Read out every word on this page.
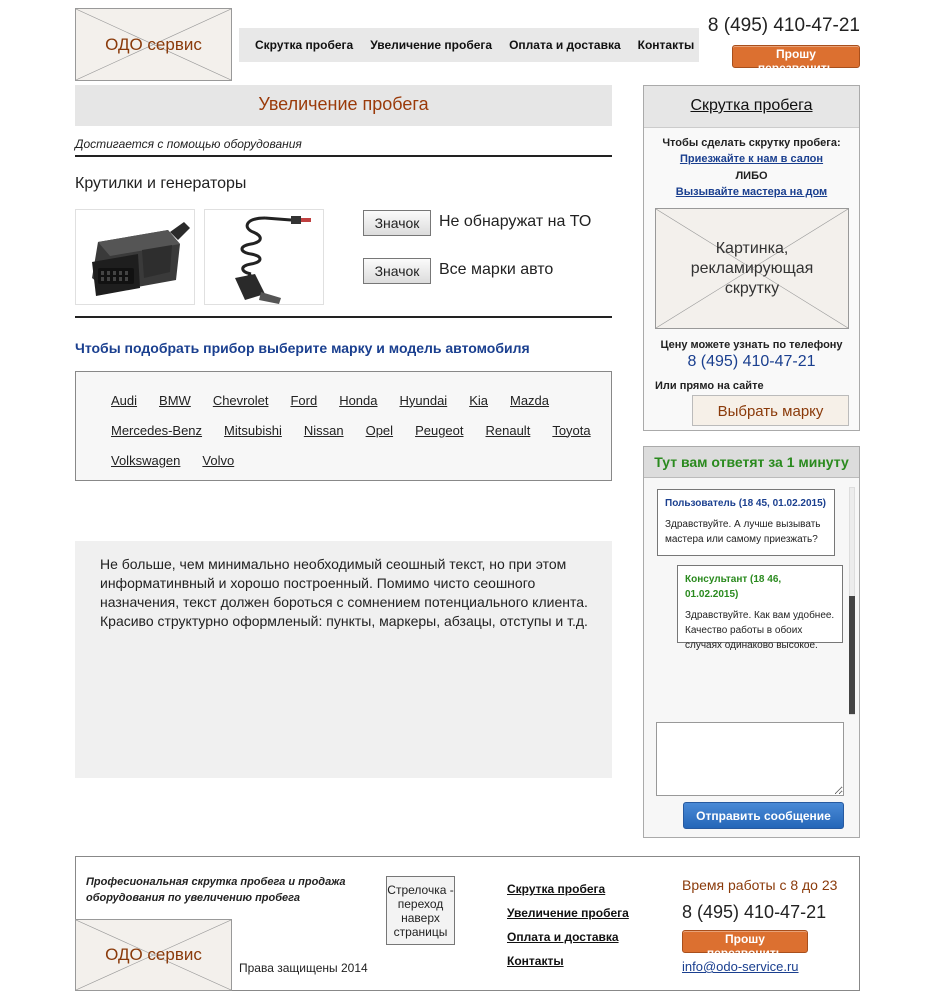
ОДО сервис	Скрутка пробега Увеличение пробега Оплата и доставка Контакты
8 (495) 410-47-21
Прошу перезвонить
Увеличение пробега
Достигается с помощью оборудования
Крутилки и генераторы
Значок	Не обнаружат на ТО
Значок	Все марки авто
Чтобы подобрать прибор выберите марку и модель автомобиля
Audi BMW Chevrolet Ford Honda Hyundai Kia Mazda
Mercedes-Benz Mitsubishi Nissan Opel Peugeot Renault Toyota
Volkswagen Volvo
Не больше, чем минимально необходимый сеошный текст, но при этом информатинвный и хорошо построенный. Помимо чисто сеошного назначения, текст должен бороться с сомнением потенциального клиента. Красиво структурно оформленый: пункты, маркеры, абзацы, отступы и т.д.
Скрутка пробега
Чтобы сделать скрутку пробега:
Приезжайте к нам в салон
ЛИБО
Вызывайте мастера на дом
Картинка, рекламирующая скрутку
Цену можете узнать по телефону
8 (495) 410-47-21
Или прямо на сайте
Выбрать марку
Тут вам ответят за 1 минуту
Пользователь (18 45, 01.02.2015)
Здравствуйте. А лучше вызывать мастера или самому приезжать?
Консультант (18 46, 01.02.2015)
Здравствуйте. Как вам удобнее. Качество работы в обоих случаях одинаково высокое.
Отправить сообщение
Професиональная скрутка пробега и продажа оборудования по увеличению пробега
ОДО сервис
Права защищены 2014
Стрелочка - переход наверх страницы
Скрутка пробега
Увеличение пробега
Оплата и доставка
Контакты
Время работы с 8 до 23
8 (495) 410-47-21
Прошу перезвонить
info@odo-service.ru
